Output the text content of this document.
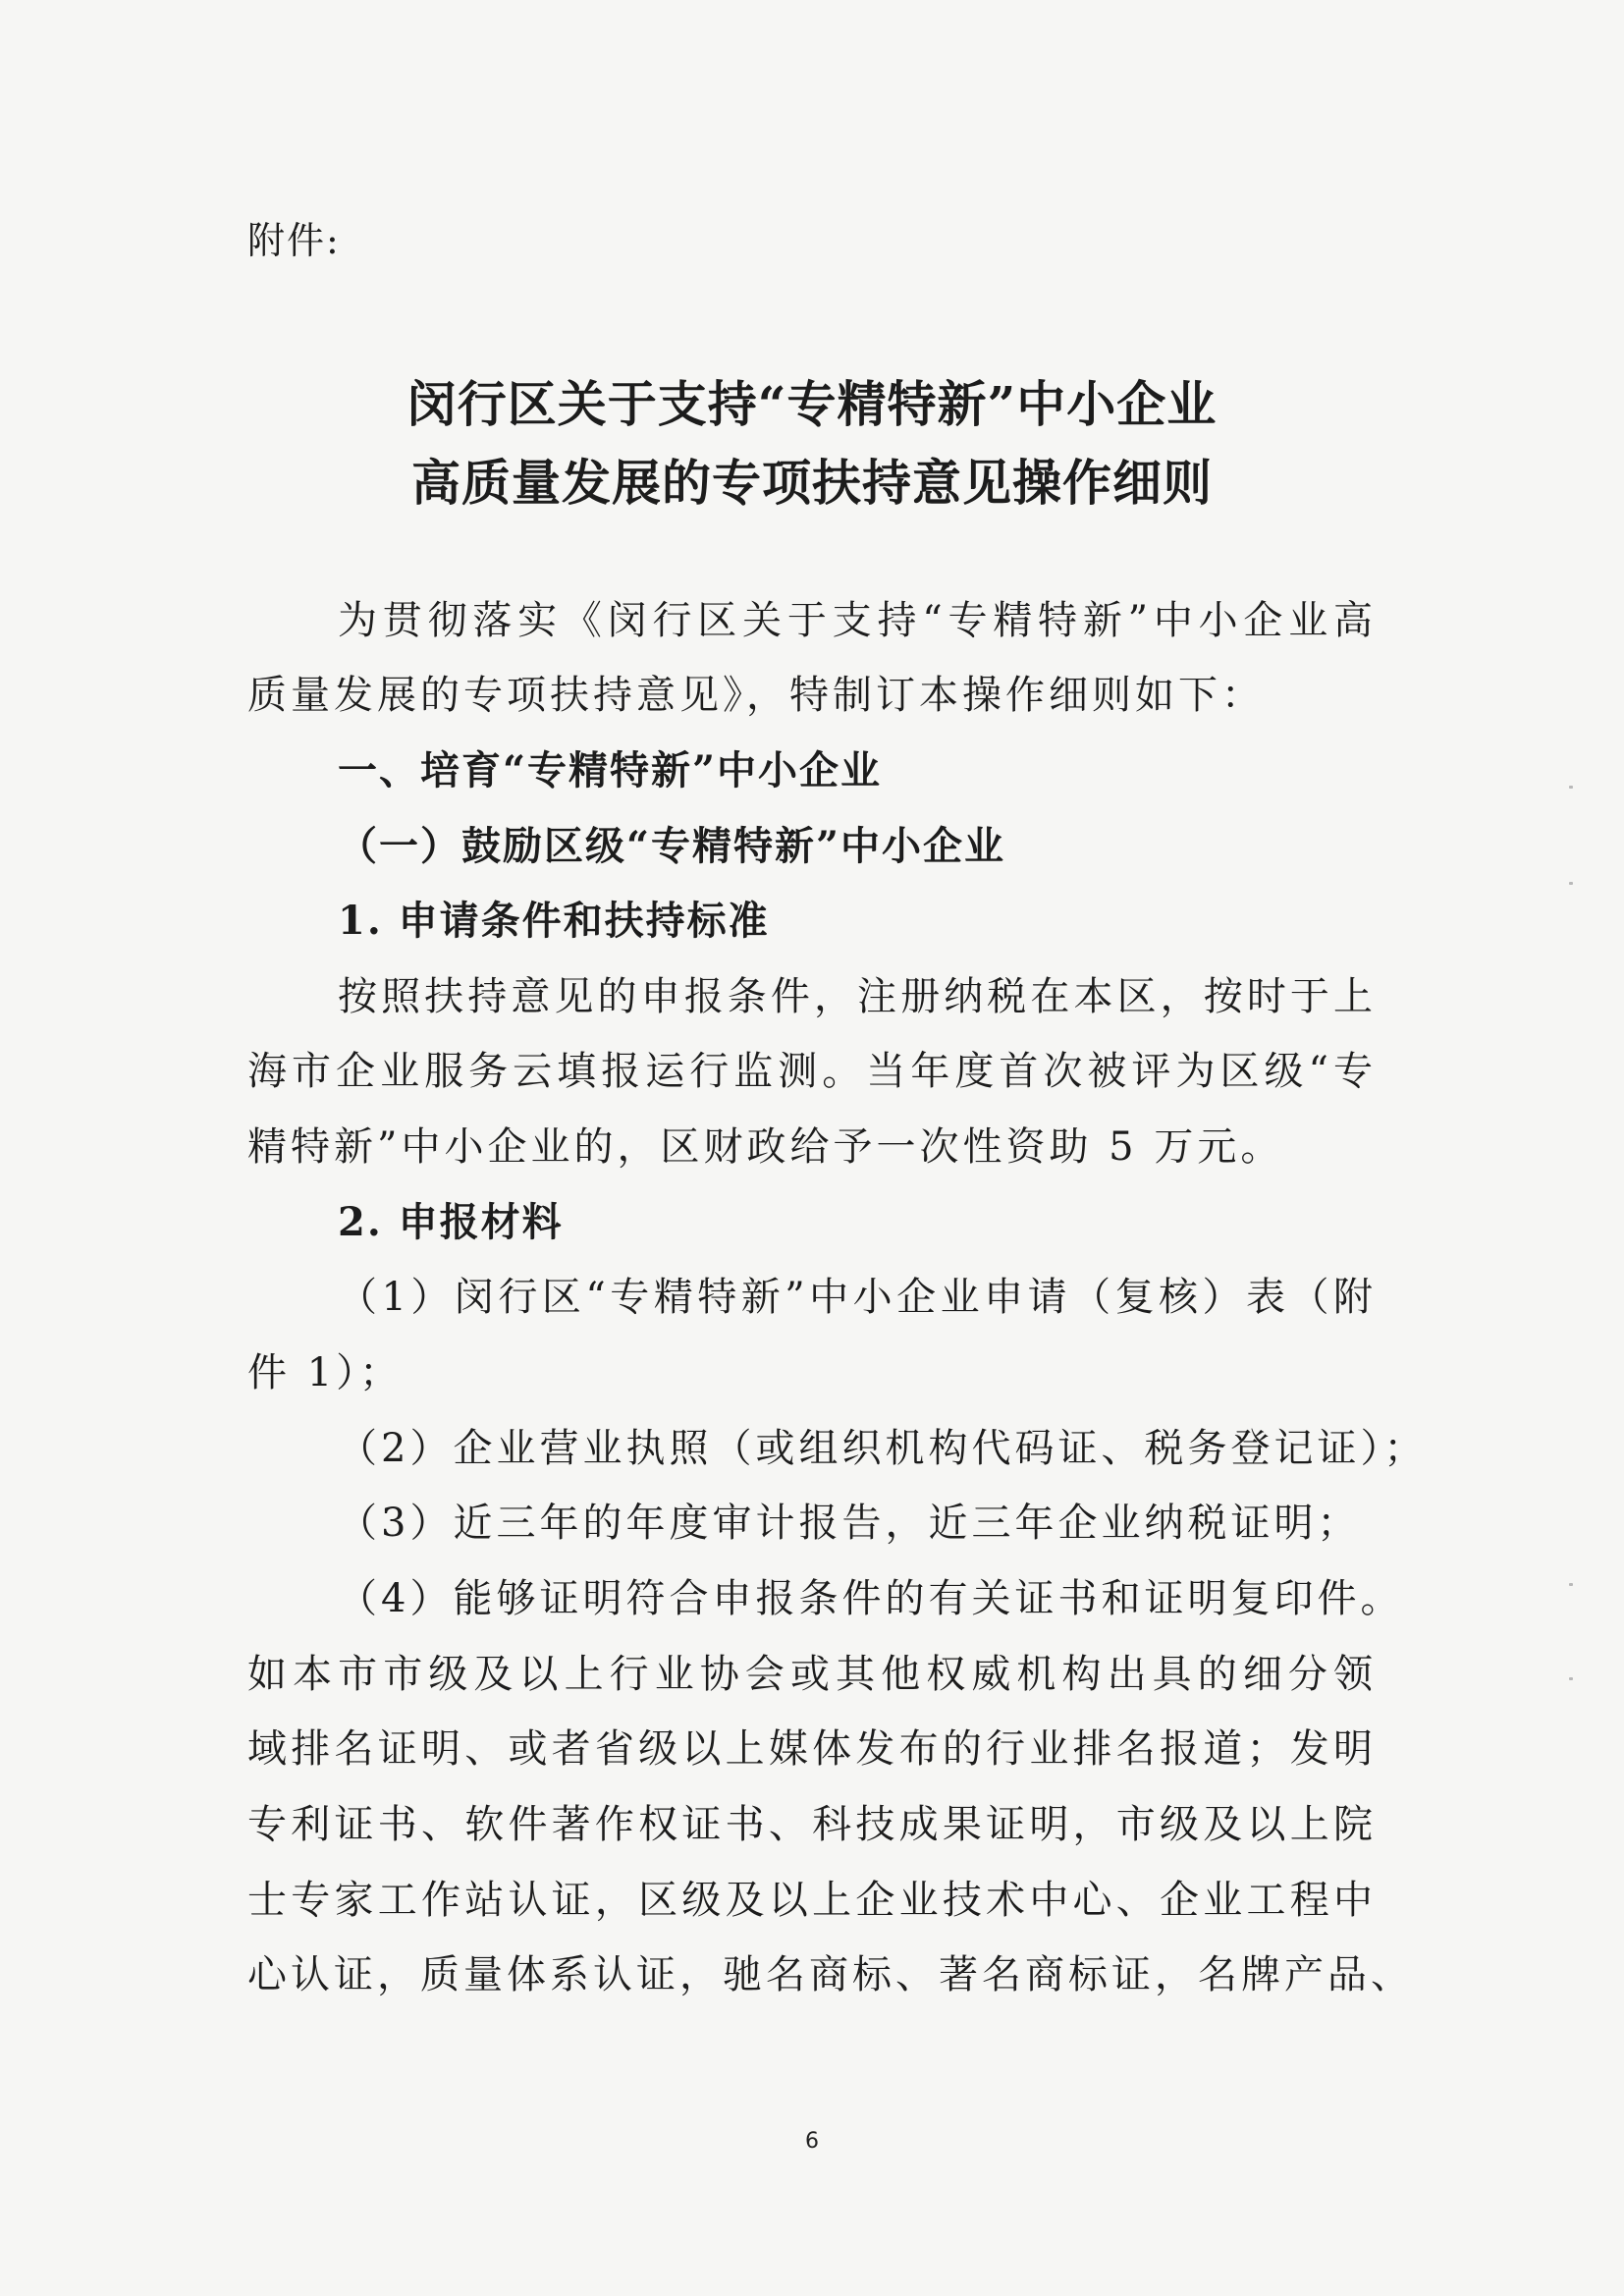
附件:
闵行区关于支持“专精特新”中小企业
高质量发展的专项扶持意见操作细则
为贯彻落实《闵行区关于支持“专精特新”中小企业高
质量发展的专项扶持意见》，特制订本操作细则如下：
一、培育“专精特新”中小企业
（一）鼓励区级“专精特新”中小企业
1. 申请条件和扶持标准
按照扶持意见的申报条件，注册纳税在本区，按时于上
海市企业服务云填报运行监测。当年度首次被评为区级“专
精特新”中小企业的，区财政给予一次性资助 5 万元。
2. 申报材料
（1）闵行区“专精特新”中小企业申请（复核）表（附
件 1）；
（2）企业营业执照（或组织机构代码证、税务登记证）；
（3）近三年的年度审计报告，近三年企业纳税证明；
（4）能够证明符合申报条件的有关证书和证明复印件。
如本市市级及以上行业协会或其他权威机构出具的细分领
域排名证明、或者省级以上媒体发布的行业排名报道；发明
专利证书、软件著作权证书、科技成果证明，市级及以上院
士专家工作站认证，区级及以上企业技术中心、企业工程中
心认证，质量体系认证，驰名商标、著名商标证，名牌产品、
6
